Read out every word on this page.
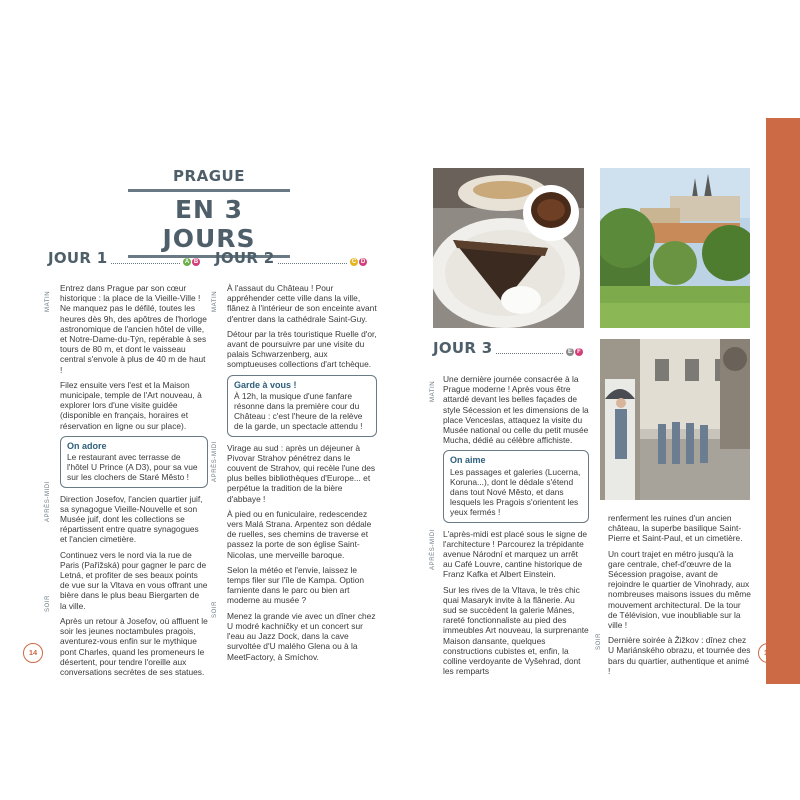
PRAGUE
EN 3 JOURS
JOUR 1	A B JOUR 2	C D
JOUR 3	E F
MATIN
APRÈS-MIDI
SOIR
MATIN
APRÈS-MIDI
SOIR
MATIN
APRÈS-MIDI
SOIR

Entrez dans Prague par son cœur historique : la place de la Vieille-Ville ! Ne manquez pas le défilé, toutes les heures dès 9h, des apôtres de l'horloge astronomique de l'ancien hôtel de ville, et Notre-Dame-du-Týn, repérable à ses tours de 80 m, et dont le vaisseau central s'envole à plus de 40 m de haut !

Filez ensuite vers l'est et la Maison municipale, temple de l'Art nouveau, à explorer lors d'une visite guidée (disponible en français, horaires et réservation en ligne ou sur place).

On adore
Le restaurant avec terrasse de l'hôtel U Prince (A D3), pour sa vue sur les clochers de Staré Město !

Direction Josefov, l'ancien quartier juif, sa synagogue Vieille-Nouvelle et son Musée juif, dont les collections se répartissent entre quatre synagogues et l'ancien cimetière.

Continuez vers le nord via la rue de Paris (Pařížská) pour gagner le parc de Letná, et profiter de ses beaux points de vue sur la Vltava en vous offrant une bière dans le plus beau Biergarten de la ville.

Après un retour à Josefov, où affluent le soir les jeunes noctambules pragois, aventurez-vous enfin sur le mythique pont Charles, quand les promeneurs le désertent, pour tendre l'oreille aux conversations secrètes de ses statues.

À l'assaut du Château ! Pour appréhender cette ville dans la ville, flânez à l'intérieur de son enceinte avant d'entrer dans la cathédrale Saint-Guy.

Détour par la très touristique Ruelle d'or, avant de poursuivre par une visite du palais Schwarzenberg, aux somptueuses collections d'art tchèque.

Garde à vous !
À 12h, la musique d'une fanfare résonne dans la première cour du Château : c'est l'heure de la relève de la garde, un spectacle attendu !

Virage au sud : après un déjeuner à Pivovar Strahov pénétrez dans le couvent de Strahov, qui recèle l'une des plus belles bibliothèques d'Europe... et perpétue la tradition de la bière d'abbaye !

À pied ou en funiculaire, redescendez vers Malá Strana. Arpentez son dédale de ruelles, ses chemins de traverse et passez la porte de son église Saint-Nicolas, une merveille baroque.

Selon la météo et l'envie, laissez le temps filer sur l'île de Kampa. Option farniente dans le parc ou bien art moderne au musée ?

Menez la grande vie avec un dîner chez U modré kachničky et un concert sur l'eau au Jazz Dock, dans la cave survoltée d'U malého Glena ou à la MeetFactory, à Smíchov.

Une dernière journée consacrée à la Prague moderne ! Après vous être attardé devant les belles façades de style Sécession et les dimensions de la place Venceslas, attaquez la visite du Musée national ou celle du petit musée Mucha, dédié au célèbre affichiste.

On aime
Les passages et galeries (Lucerna, Koruna...), dont le dédale s'étend dans tout Nové Město, et dans lesquels les Pragois s'orientent les yeux fermés !

L'après-midi est placé sous le signe de l'architecture ! Parcourez la trépidante avenue Národní et marquez un arrêt au Café Louvre, cantine historique de Franz Kafka et Albert Einstein.

Sur les rives de la Vltava, le très chic quai Masaryk invite à la flânerie. Au sud se succèdent la galerie Mánes, rareté fonctionnaliste au pied des immeubles Art nouveau, la surprenante Maison dansante, quelques constructions cubistes et, enfin, la colline verdoyante de Vyšehrad, dont les remparts

renferment les ruines d'un ancien château, la superbe basilique Saint-Pierre et Saint-Paul, et un cimetière.

Un court trajet en métro jusqu'à la gare centrale, chef-d'œuvre de la Sécession pragoise, avant de rejoindre le quartier de Vinohrady, aux nombreuses maisons issues du même mouvement architectural. De la tour de Télévision, vue inoubliable sur la ville !

Dernière soirée à Žižkov : dînez chez U Mariánského obrazu, et tournée des bars du quartier, authentique et animé !

14	15
